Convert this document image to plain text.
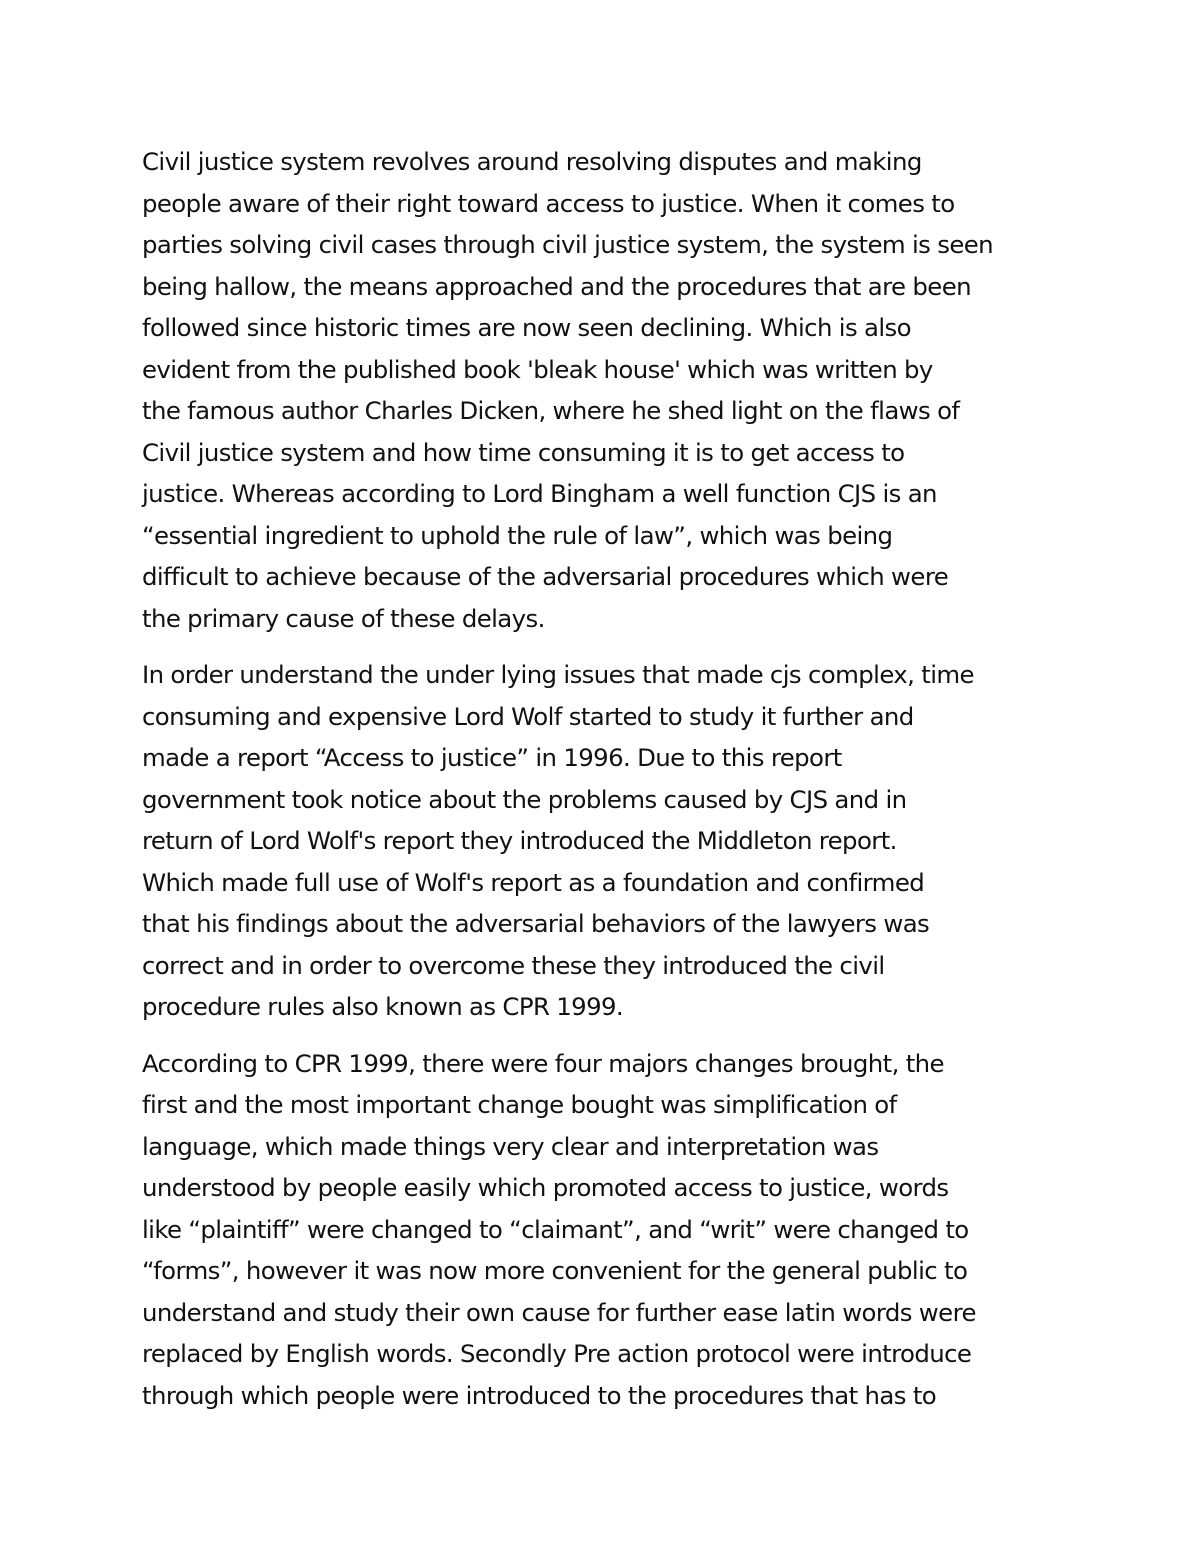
Civil justice system revolves around resolving disputes and making
people aware of their right toward access to justice. When it comes to
parties solving civil cases through civil justice system, the system is seen
being hallow, the means approached and the procedures that are been
followed since historic times are now seen declining. Which is also
evident from the published book 'bleak house' which was written by
the famous author Charles Dicken, where he shed light on the flaws of
Civil justice system and how time consuming it is to get access to
justice. Whereas according to Lord Bingham a well function CJS is an
“essential ingredient to uphold the rule of law”, which was being
difficult to achieve because of the adversarial procedures which were
the primary cause of these delays.

In order understand the under lying issues that made cjs complex, time
consuming and expensive Lord Wolf started to study it further and
made a report “Access to justice” in 1996. Due to this report
government took notice about the problems caused by CJS and in
return of Lord Wolf's report they introduced the Middleton report.
Which made full use of Wolf's report as a foundation and confirmed
that his findings about the adversarial behaviors of the lawyers was
correct and in order to overcome these they introduced the civil
procedure rules also known as CPR 1999.

According to CPR 1999, there were four majors changes brought, the
first and the most important change bought was simplification of
language, which made things very clear and interpretation was
understood by people easily which promoted access to justice, words
like “plaintiff” were changed to “claimant”, and “writ” were changed to
“forms”, however it was now more convenient for the general public to
understand and study their own cause for further ease latin words were
replaced by English words. Secondly Pre action protocol were introduce
through which people were introduced to the procedures that has to
